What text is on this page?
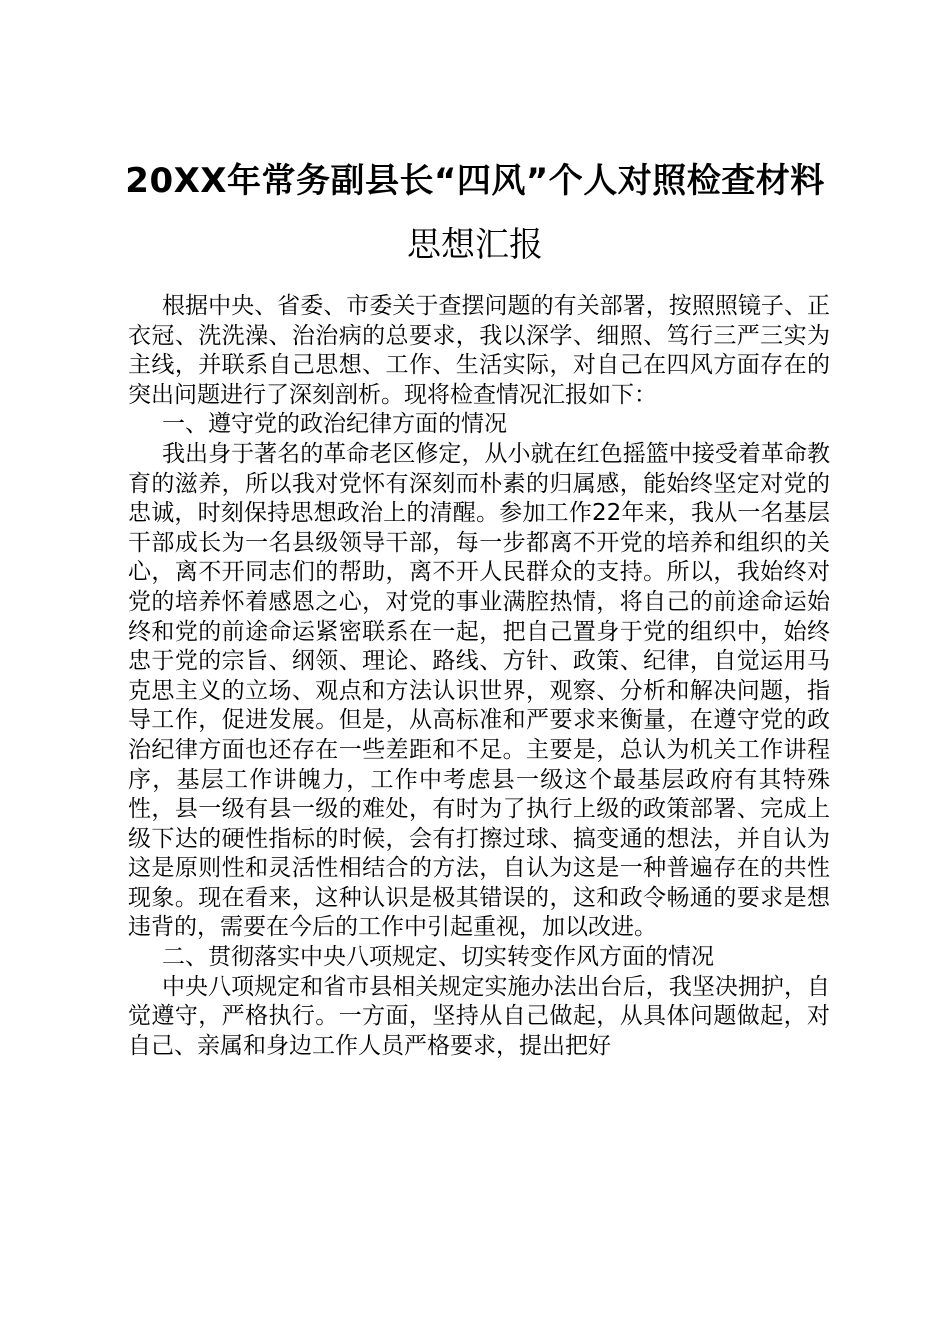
20XX年常务副县长“四风”个人对照检查材料
思想汇报

根据中央、省委、市委关于查摆问题的有关部署，按照照镜子、正衣冠、洗洗澡、治治病的总要求，我以深学、细照、笃行三严三实为主线，并联系自己思想、工作、生活实际，对自己在四风方面存在的突出问题进行了深刻剖析。现将检查情况汇报如下：

一、遵守党的政治纪律方面的情况

我出身于著名的革命老区修定，从小就在红色摇篮中接受着革命教育的滋养，所以我对党怀有深刻而朴素的归属感，能始终坚定对党的忠诚，时刻保持思想政治上的清醒。参加工作22年来，我从一名基层干部成长为一名县级领导干部，每一步都离不开党的培养和组织的关心，离不开同志们的帮助，离不开人民群众的支持。所以，我始终对党的培养怀着感恩之心，对党的事业满腔热情，将自己的前途命运始终和党的前途命运紧密联系在一起，把自己置身于党的组织中，始终忠于党的宗旨、纲领、理论、路线、方针、政策、纪律，自觉运用马克思主义的立场、观点和方法认识世界，观察、分析和解决问题，指导工作，促进发展。但是，从高标准和严要求来衡量，在遵守党的政治纪律方面也还存在一些差距和不足。主要是，总认为机关工作讲程序，基层工作讲魄力，工作中考虑县一级这个最基层政府有其特殊性，县一级有县一级的难处，有时为了执行上级的政策部署、完成上级下达的硬性指标的时候，会有打擦过球、搞变通的想法，并自认为这是原则性和灵活性相结合的方法，自认为这是一种普遍存在的共性现象。现在看来，这种认识是极其错误的，这和政令畅通的要求是想违背的，需要在今后的工作中引起重视，加以改进。

二、贯彻落实中央八项规定、切实转变作风方面的情况

中央八项规定和省市县相关规定实施办法出台后，我坚决拥护，自觉遵守，严格执行。一方面，坚持从自己做起，从具体问题做起，对自己、亲属和身边工作人员严格要求，提出把好
